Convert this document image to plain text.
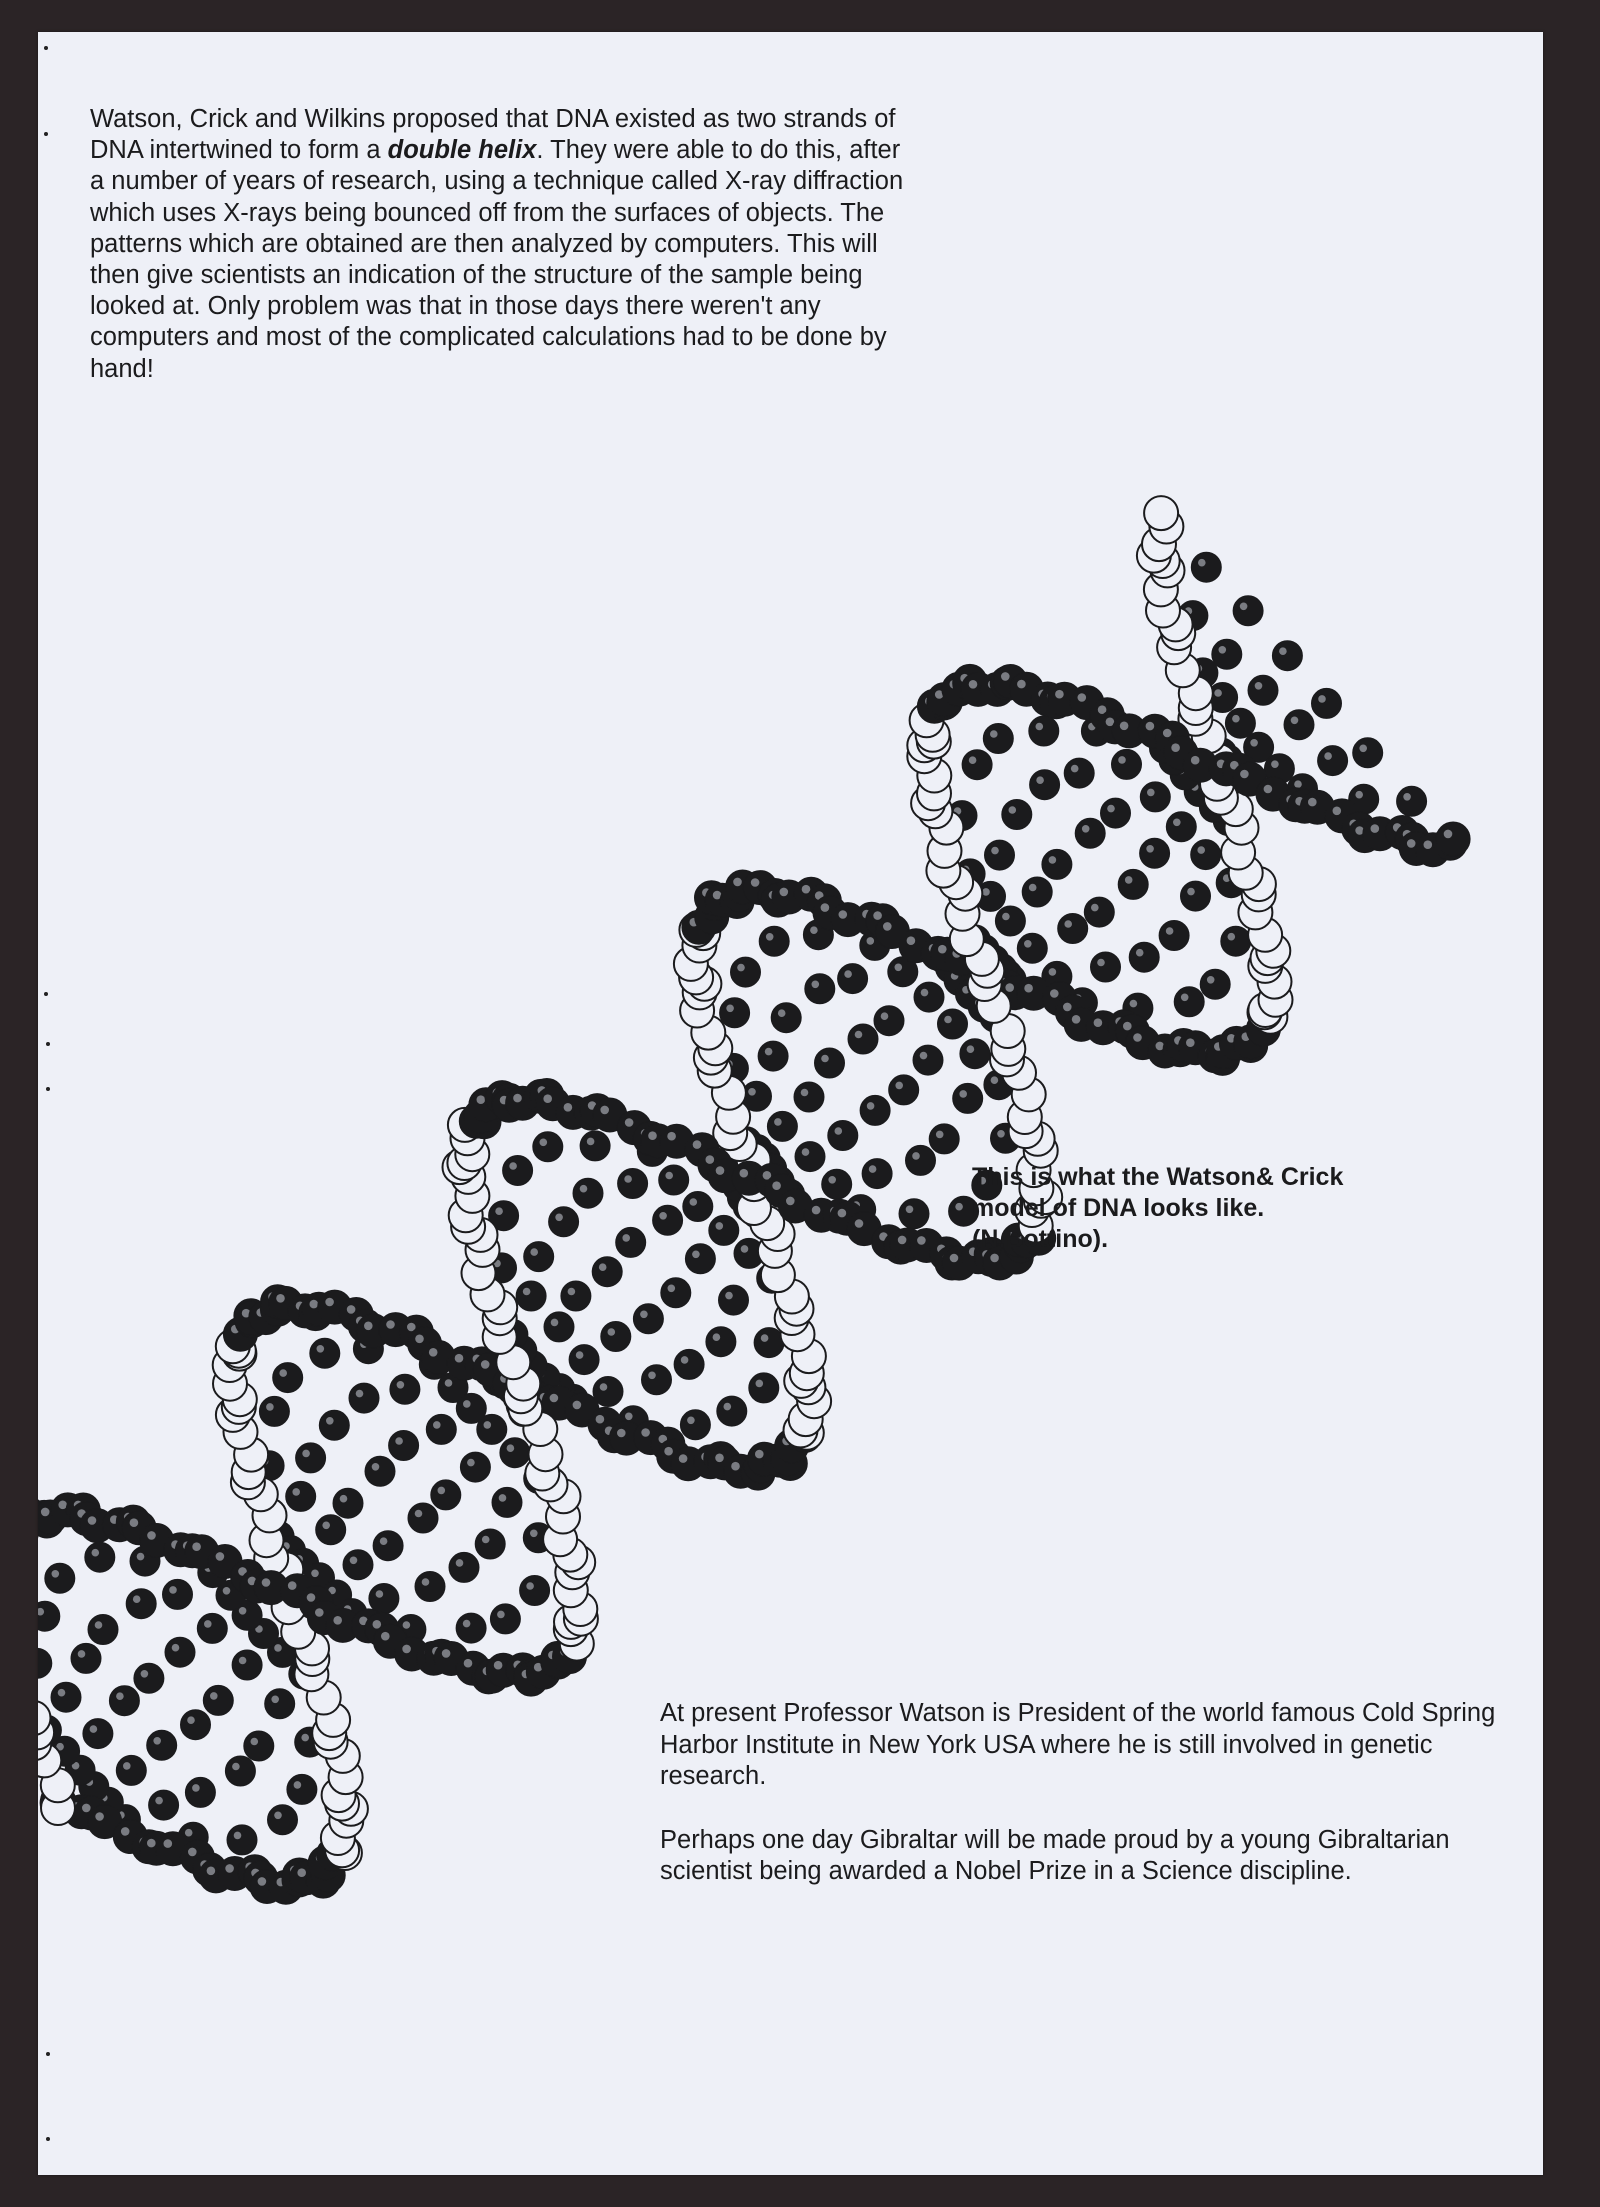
Watson, Crick and Wilkins proposed that DNA existed as two strands of DNA intertwined to form a double helix. They were able to do this, after a number of years of research, using a technique called X-ray diffraction which uses X-rays being bounced off from the surfaces of objects. The patterns which are obtained are then analyzed by computers. This will then give scientists an indication of the structure of the sample being looked at. Only problem was that in those days there weren't any computers and most of the complicated calculations had to be done by hand!

This is what the Watson& Crick

model of DNA looks like.

(N.Bottino).

At present Professor Watson is President of the world famous Cold Spring Harbor Institute in New York USA where he is still involved in genetic research.

Perhaps one day Gibraltar will be made proud by a young Gibraltarian scientist being awarded a Nobel Prize in a Science discipline.
